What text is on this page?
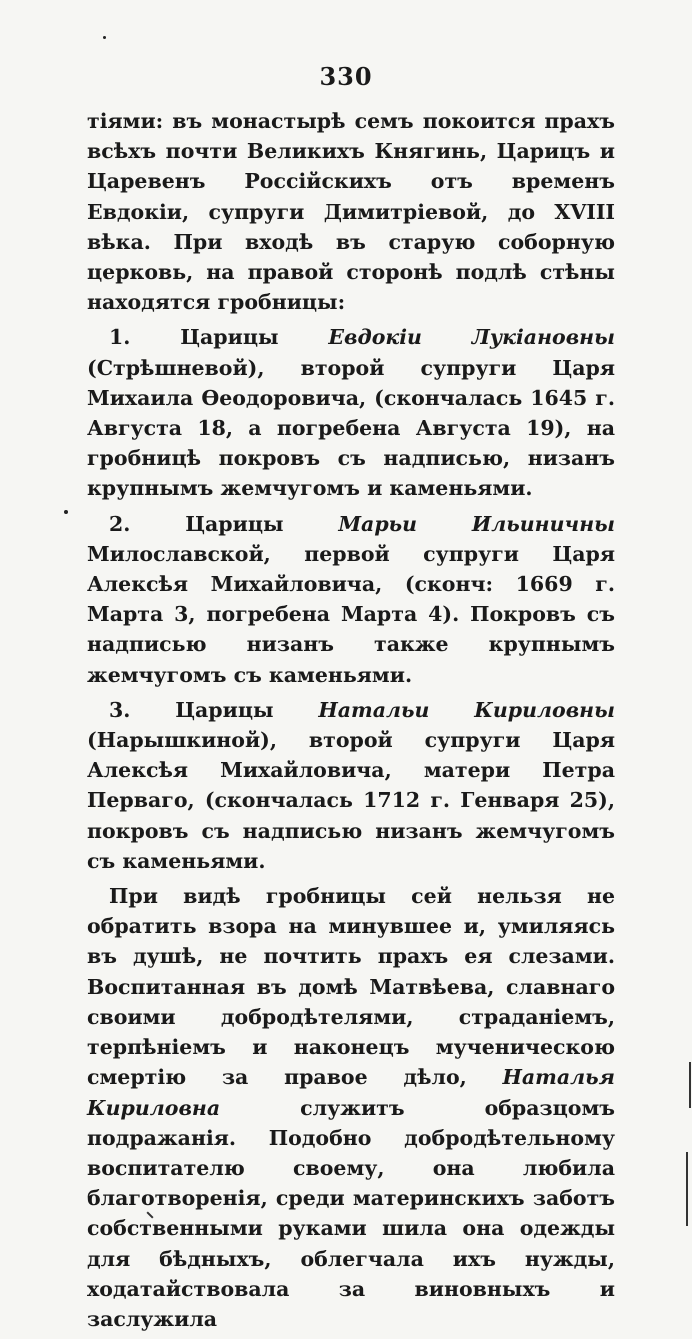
330

тіями: въ монастырѣ семъ покоится прахъ всѣхъ почти Великихъ Княгинь, Царицъ и Царевенъ Россійскихъ отъ временъ Евдокіи, супруги Димитріевой, до XVIII вѣка. При входѣ въ старую соборную церковь, на правой сторонѣ подлѣ стѣны находятся гробницы:

1. Царицы Евдокіи Лукіановны (Стрѣшневой), второй супруги Царя Михаила Ѳеодоровича, (скончалась 1645 г. Августа 18, а погребена Августа 19), на гробницѣ покровъ съ надписью, низанъ крупнымъ жемчугомъ и каменьями.

2. Царицы Марьи Ильиничны Милославской, первой супруги Царя Алексѣя Михайловича, (сконч: 1669 г. Марта 3, погребена Марта 4). Покровъ съ надписью низанъ также крупнымъ жемчугомъ съ каменьями.

3. Царицы Натальи Кириловны (Нарышкиной), второй супруги Царя Алексѣя Михайловича, матери Петра Перваго, (скончалась 1712 г. Генваря 25), покровъ съ надписью низанъ жемчугомъ съ каменьями.

При видѣ гробницы сей нельзя не обратить взора на минувшее и, умиляясь въ душѣ, не почтить прахъ ея слезами. Воспитанная въ домѣ Матвѣева, славнаго своими добродѣтелями, страданіемъ, терпѣніемъ и наконецъ мученическою смертію за правое дѣло, Наталья Кириловна служитъ образцомъ подражанія. Подобно добродѣтельному воспитателю своему, она любила благотворенія, среди материнскихъ заботъ собственными руками шила она одежды для бѣдныхъ, облегчала ихъ нужды, ходатайствовала за виновныхъ и заслужила
